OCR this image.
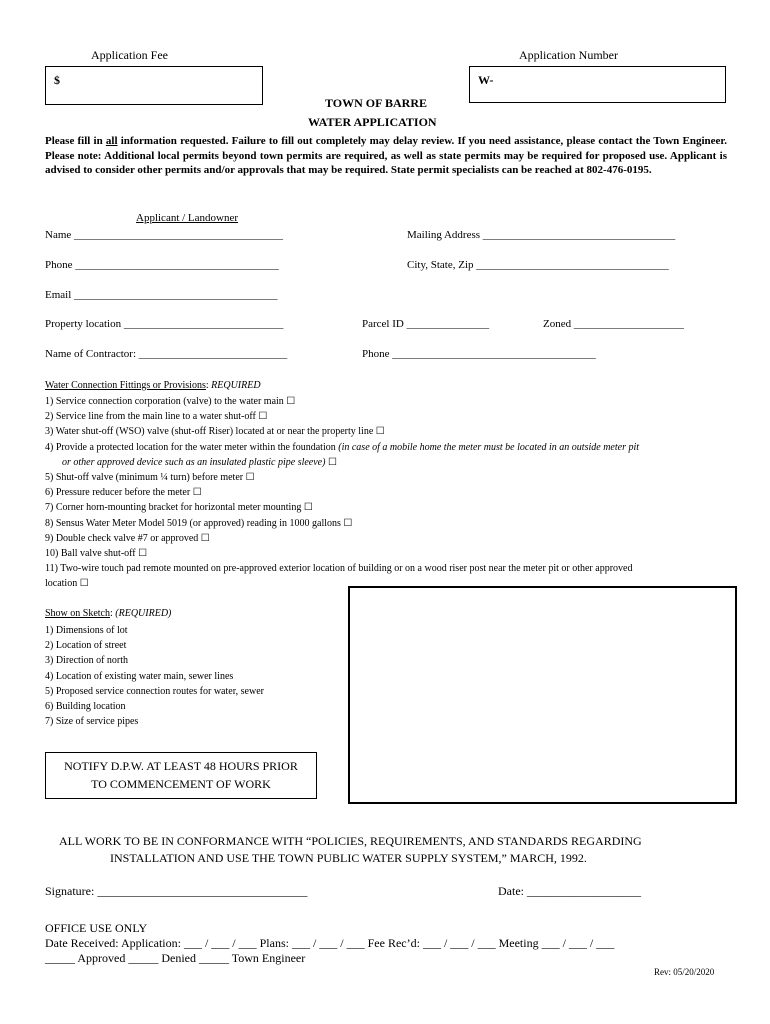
Application Fee
$
Application Number
W-
TOWN OF BARRE
WATER APPLICATION
Please fill in all information requested. Failure to fill out completely may delay review. If you need assistance, please contact the Town Engineer. Please note: Additional local permits beyond town permits are required, as well as state permits may be required for proposed use. Applicant is advised to consider other permits and/or approvals that may be required. State permit specialists can be reached at 802-476-0195.
Applicant / Landowner
Name ______________________________________	Mailing Address ___________________________________
Phone _____________________________________	City, State, Zip ___________________________________
Email _____________________________________
Property location _____________________________	Parcel ID _______________	Zoned ____________________
Name of Contractor: ___________________________	Phone _____________________________________
Water Connection Fittings or Provisions: REQUIRED
1) Service connection corporation (valve) to the water main ☐
2) Service line from the main line to a water shut-off ☐
3) Water shut-off (WSO) valve (shut-off Riser) located at or near the property line ☐
4) Provide a protected location for the water meter within the foundation (in case of a mobile home the meter must be located in an outside meter pit
or other approved device such as an insulated plastic pipe sleeve) ☐
5) Shut-off valve (minimum ¼ turn) before meter ☐
6) Pressure reducer before the meter ☐
7) Corner horn-mounting bracket for horizontal meter mounting ☐
8) Sensus Water Meter Model 5019 (or approved) reading in 1000 gallons ☐
9) Double check valve #7 or approved ☐
10) Ball valve shut-off ☐
11) Two-wire touch pad remote mounted on pre-approved exterior location of building or on a wood riser post near the meter pit or other approved
location ☐
Show on Sketch: (REQUIRED)
1) Dimensions of lot
2) Location of street
3) Direction of north
4) Location of existing water main, sewer lines
5) Proposed service connection routes for water, sewer
6) Building location
7) Size of service pipes
NOTIFY D.P.W. AT LEAST 48 HOURS PRIOR
TO COMMENCEMENT OF WORK
ALL WORK TO BE IN CONFORMANCE WITH “POLICIES, REQUIREMENTS, AND STANDARDS REGARDING
INSTALLATION AND USE THE TOWN PUBLIC WATER SUPPLY SYSTEM,” MARCH, 1992.
Signature: ___________________________________	Date: ___________________
OFFICE USE ONLY
Date Received: Application: ___ / ___ / ___ Plans: ___ / ___ / ___ Fee Rec’d: ___ / ___ / ___ Meeting ___ / ___ / ___
_____ Approved _____ Denied _____ Town Engineer
Rev: 05/20/2020
